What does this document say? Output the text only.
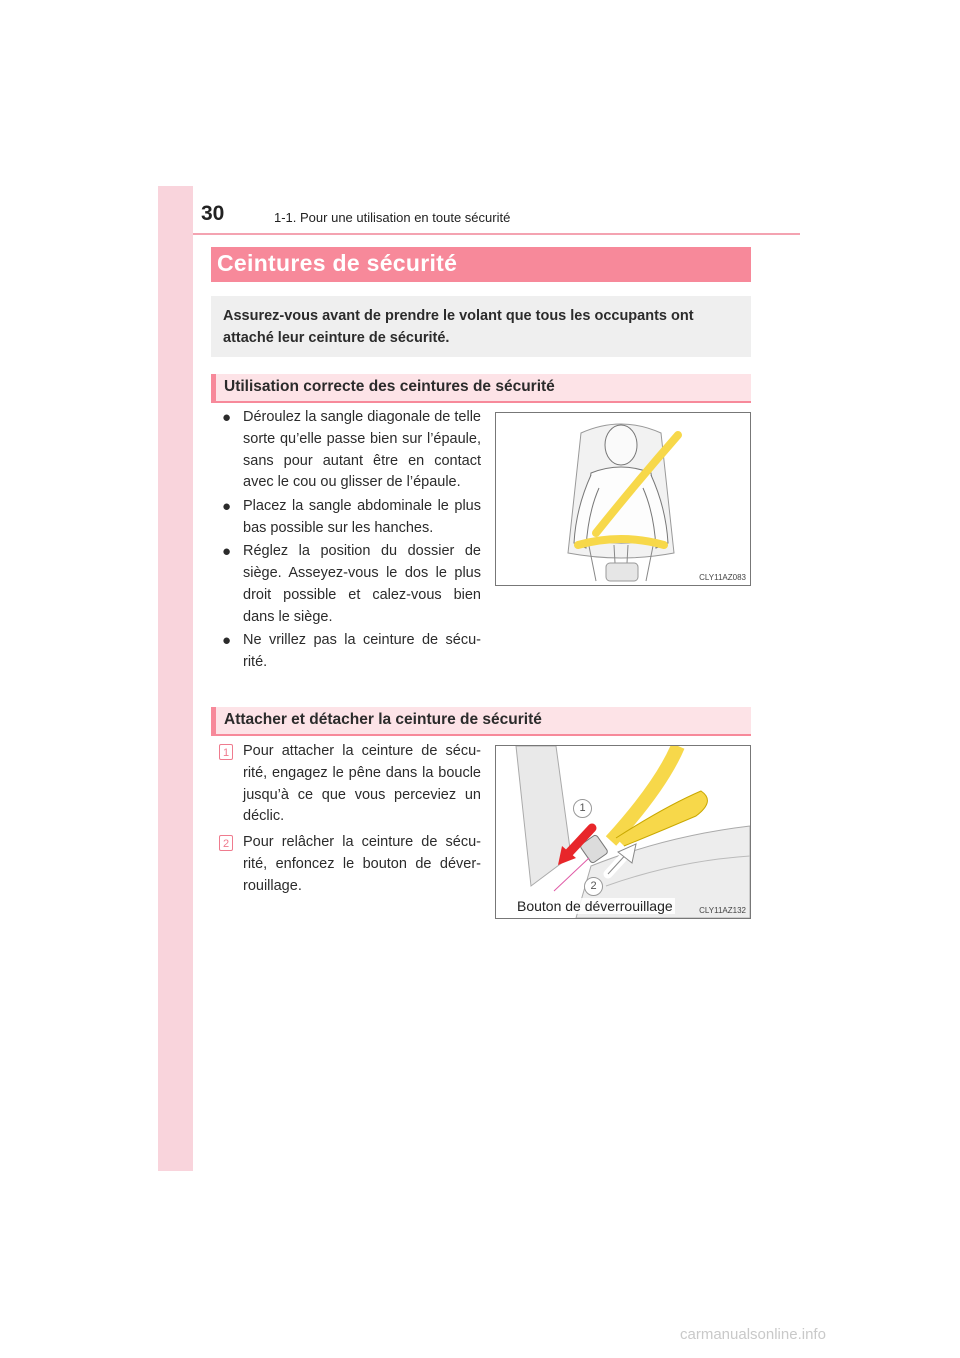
30	1-1. Pour une utilisation en toute sécurité
Ceintures de sécurité
Assurez-vous avant de prendre le volant que tous les occupants ont attaché leur ceinture de sécurité.
Utilisation correcte des ceintures de sécurité
● Déroulez la sangle diagonale de telle sorte qu’elle passe bien sur l’épaule, sans pour autant être en contact avec le cou ou glisser de l’épaule.
● Placez la sangle abdominale le plus bas possible sur les hanches.
● Réglez la position du dossier de siège. Asseyez-vous le dos le plus droit possible et calez-vous bien dans le siège.
● Ne vrillez pas la ceinture de sécu-rité.
CLY11AZ083
Attacher et détacher la ceinture de sécurité
1 Pour attacher la ceinture de sécu-rité, engagez le pêne dans la boucle jusqu’à ce que vous perceviez un déclic.
2 Pour relâcher la ceinture de sécu-rité, enfoncez le bouton de déver-rouillage.
1
2
Bouton de déverrouillage	CLY11AZ132
carmanualsonline.info
